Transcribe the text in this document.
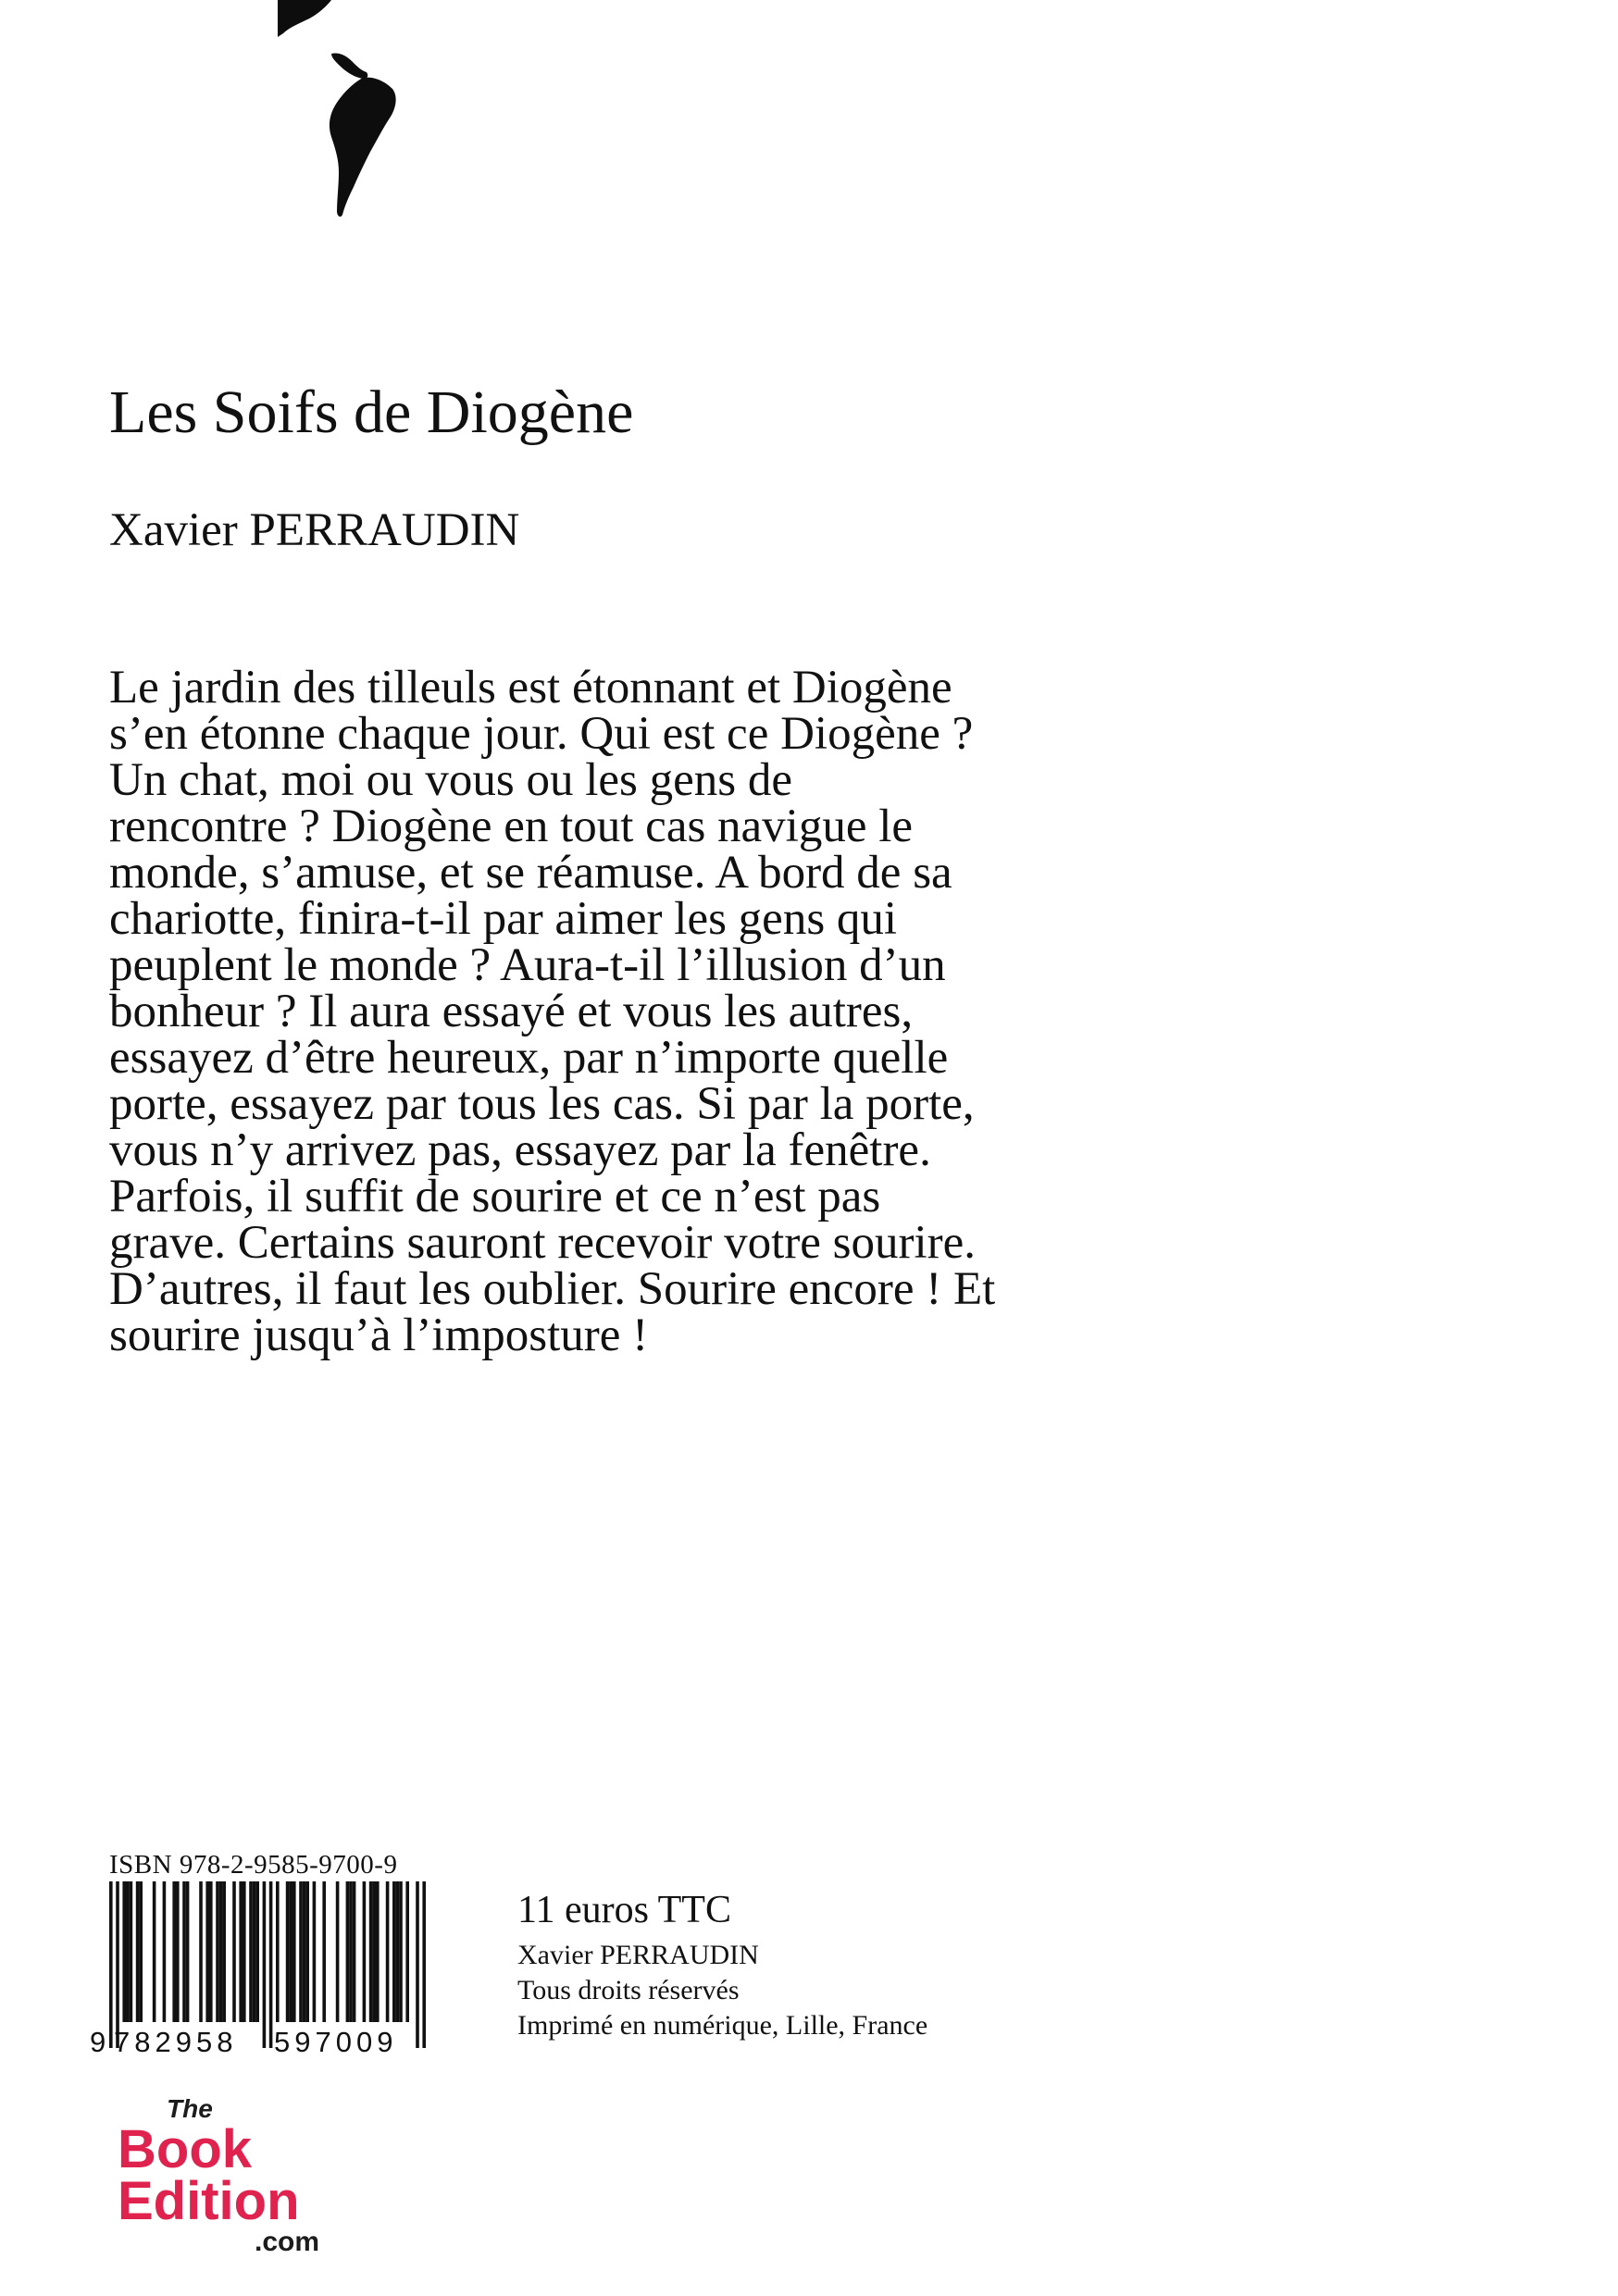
Les Soifs de Diogène

Xavier PERRAUDIN

Le jardin des tilleuls est étonnant et Diogène
s’en étonne chaque jour. Qui est ce Diogène ?
Un chat, moi ou vous ou les gens de
rencontre ? Diogène en tout cas navigue le
monde, s’amuse, et se réamuse. A bord de sa
chariotte, finira-t-il par aimer les gens qui
peuplent le monde ? Aura-t-il l’illusion d’un
bonheur ? Il aura essayé et vous les autres,
essayez d’être heureux, par n’importe quelle
porte, essayez par tous les cas. Si par la porte,
vous n’y arrivez pas, essayez par la fenêtre.
Parfois, il suffit de sourire et ce n’est pas
grave. Certains sauront recevoir votre sourire.
D’autres, il faut les oublier. Sourire encore ! Et
sourire jusqu’à l’imposture !
ISBN 978-2-9585-9700-9
9 782958 597009
11 euros TTC
Xavier PERRAUDIN
Tous droits réservés
Imprimé en numérique, Lille, France
The
Book
Edition
.com
